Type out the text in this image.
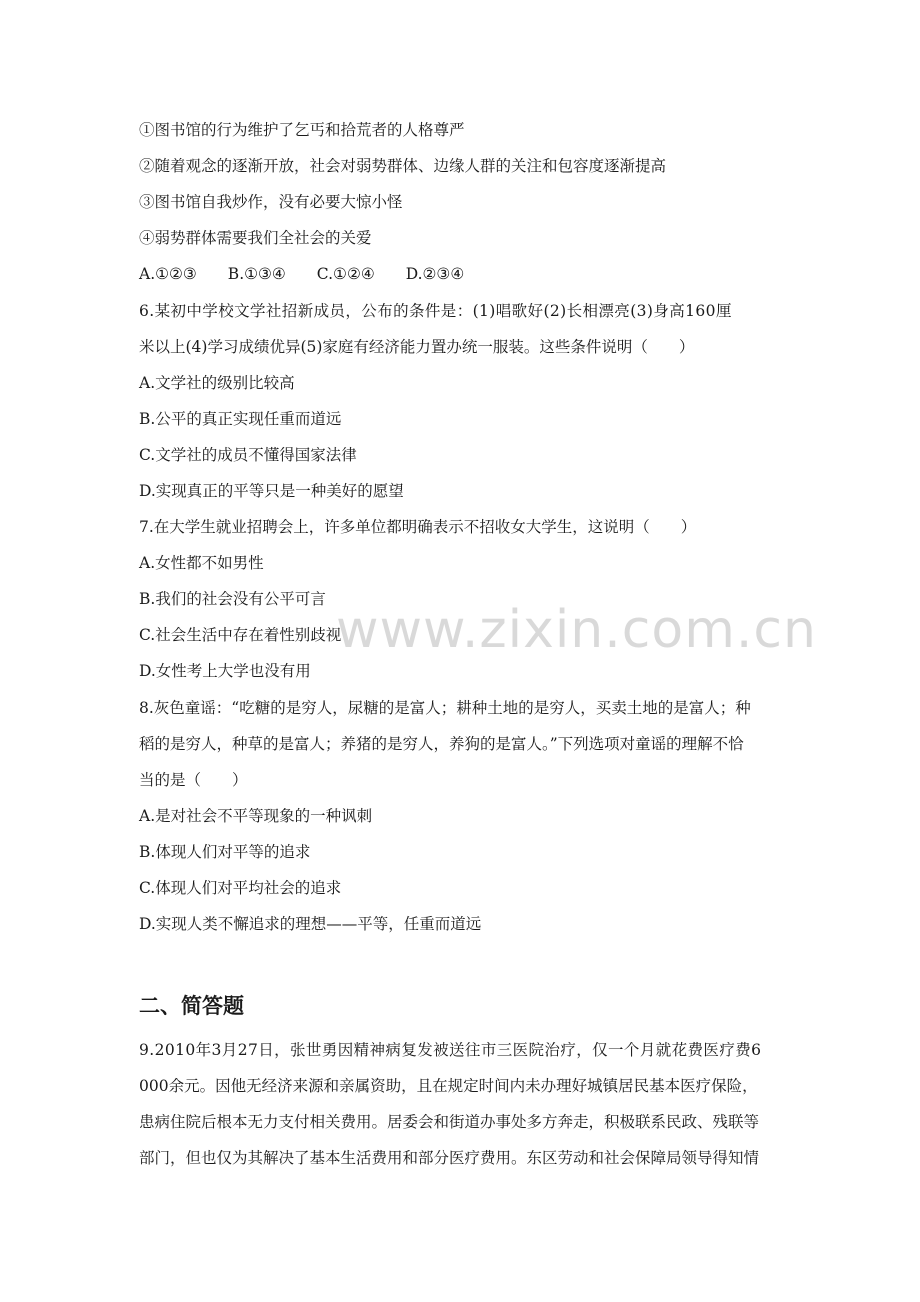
www.zixin.com.cn
①图书馆的行为维护了乞丐和拾荒者的人格尊严
②随着观念的逐渐开放，社会对弱势群体、边缘人群的关注和包容度逐渐提高
③图书馆自我炒作，没有必要大惊小怪
④弱势群体需要我们全社会的关爱
A.①②③　　B.①③④　　C.①②④　　D.②③④
6.某初中学校文学社招新成员，公布的条件是：(1)唱歌好(2)长相漂亮(3)身高160厘
米以上(4)学习成绩优异(5)家庭有经济能力置办统一服装。这些条件说明（　　）
A.文学社的级别比较高
B.公平的真正实现任重而道远
C.文学社的成员不懂得国家法律
D.实现真正的平等只是一种美好的愿望
7.在大学生就业招聘会上，许多单位都明确表示不招收女大学生，这说明（　　）
A.女性都不如男性
B.我们的社会没有公平可言
C.社会生活中存在着性别歧视
D.女性考上大学也没有用
8.灰色童谣：“吃糖的是穷人，尿糖的是富人；耕种土地的是穷人，买卖土地的是富人；种
稻的是穷人，种草的是富人；养猪的是穷人，养狗的是富人。”下列选项对童谣的理解不恰
当的是（　　）
A.是对社会不平等现象的一种讽刺
B.体现人们对平等的追求
C.体现人们对平均社会的追求
D.实现人类不懈追求的理想——平等，任重而道远
二、简答题
9.2010年3月27日，张世勇因精神病复发被送往市三医院治疗，仅一个月就花费医疗费6
000余元。因他无经济来源和亲属资助，且在规定时间内未办理好城镇居民基本医疗保险，
患病住院后根本无力支付相关费用。居委会和街道办事处多方奔走，积极联系民政、残联等
部门，但也仅为其解决了基本生活费用和部分医疗费用。东区劳动和社会保障局领导得知情
